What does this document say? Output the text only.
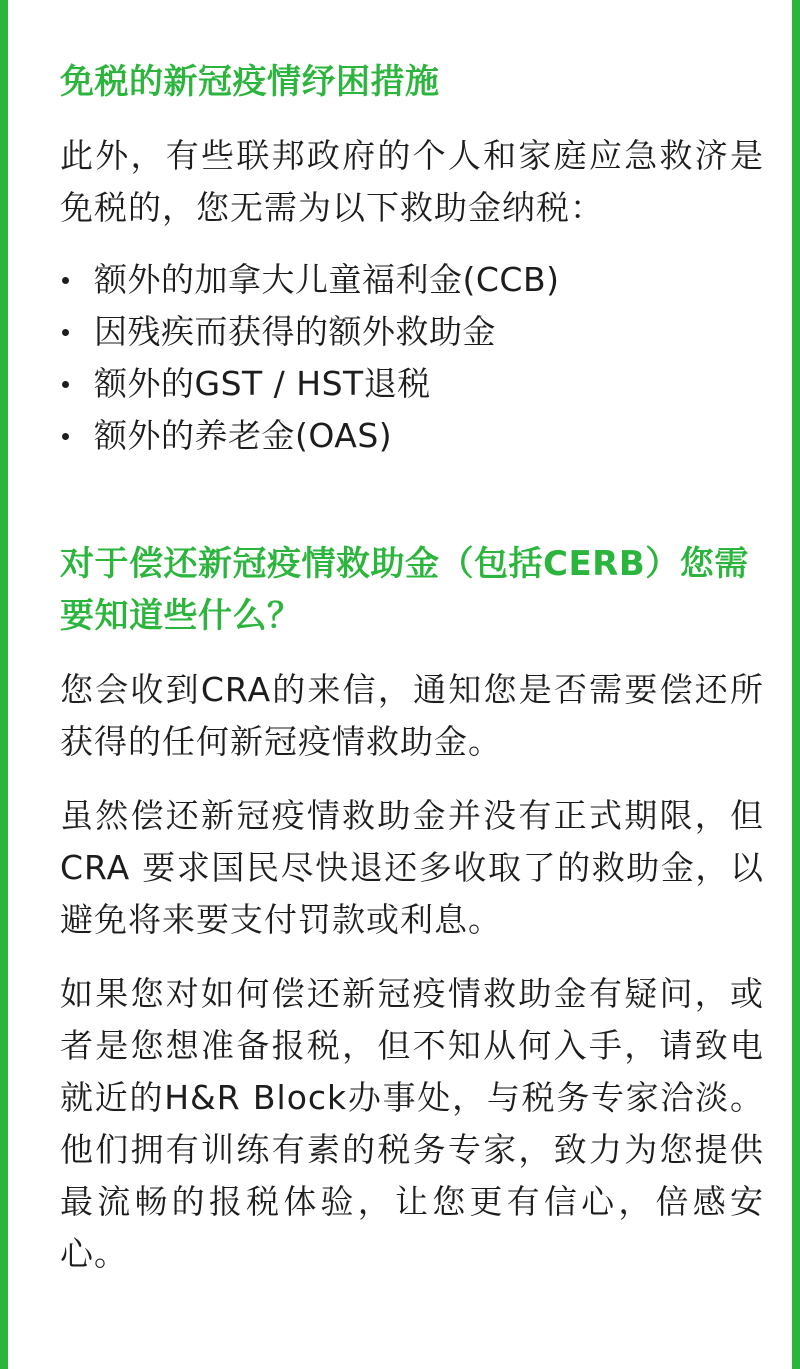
免税的新冠疫情纾困措施

此外，有些联邦政府的个人和家庭应急救济是免税的，您无需为以下救助金纳税：

额外的加拿大儿童福利金(CCB)
因残疾而获得的额外救助金
额外的GST / HST退税
额外的养老金(OAS)
对于偿还新冠疫情救助金（包括CERB）您需要知道些什么？

您会收到CRA的来信，通知您是否需要偿还所获得的任何新冠疫情救助金。

虽然偿还新冠疫情救助金并没有正式期限，但CRA 要求国民尽快退还多收取了的救助金，以避免将来要支付罚款或利息。

如果您对如何偿还新冠疫情救助金有疑问，或者是您想准备报税，但不知从何入手，请致电就近的H&R Block办事处，与税务专家洽淡。他们拥有训练有素的税务专家，致力为您提供最流畅的报税体验，让您更有信心，倍感安心。
